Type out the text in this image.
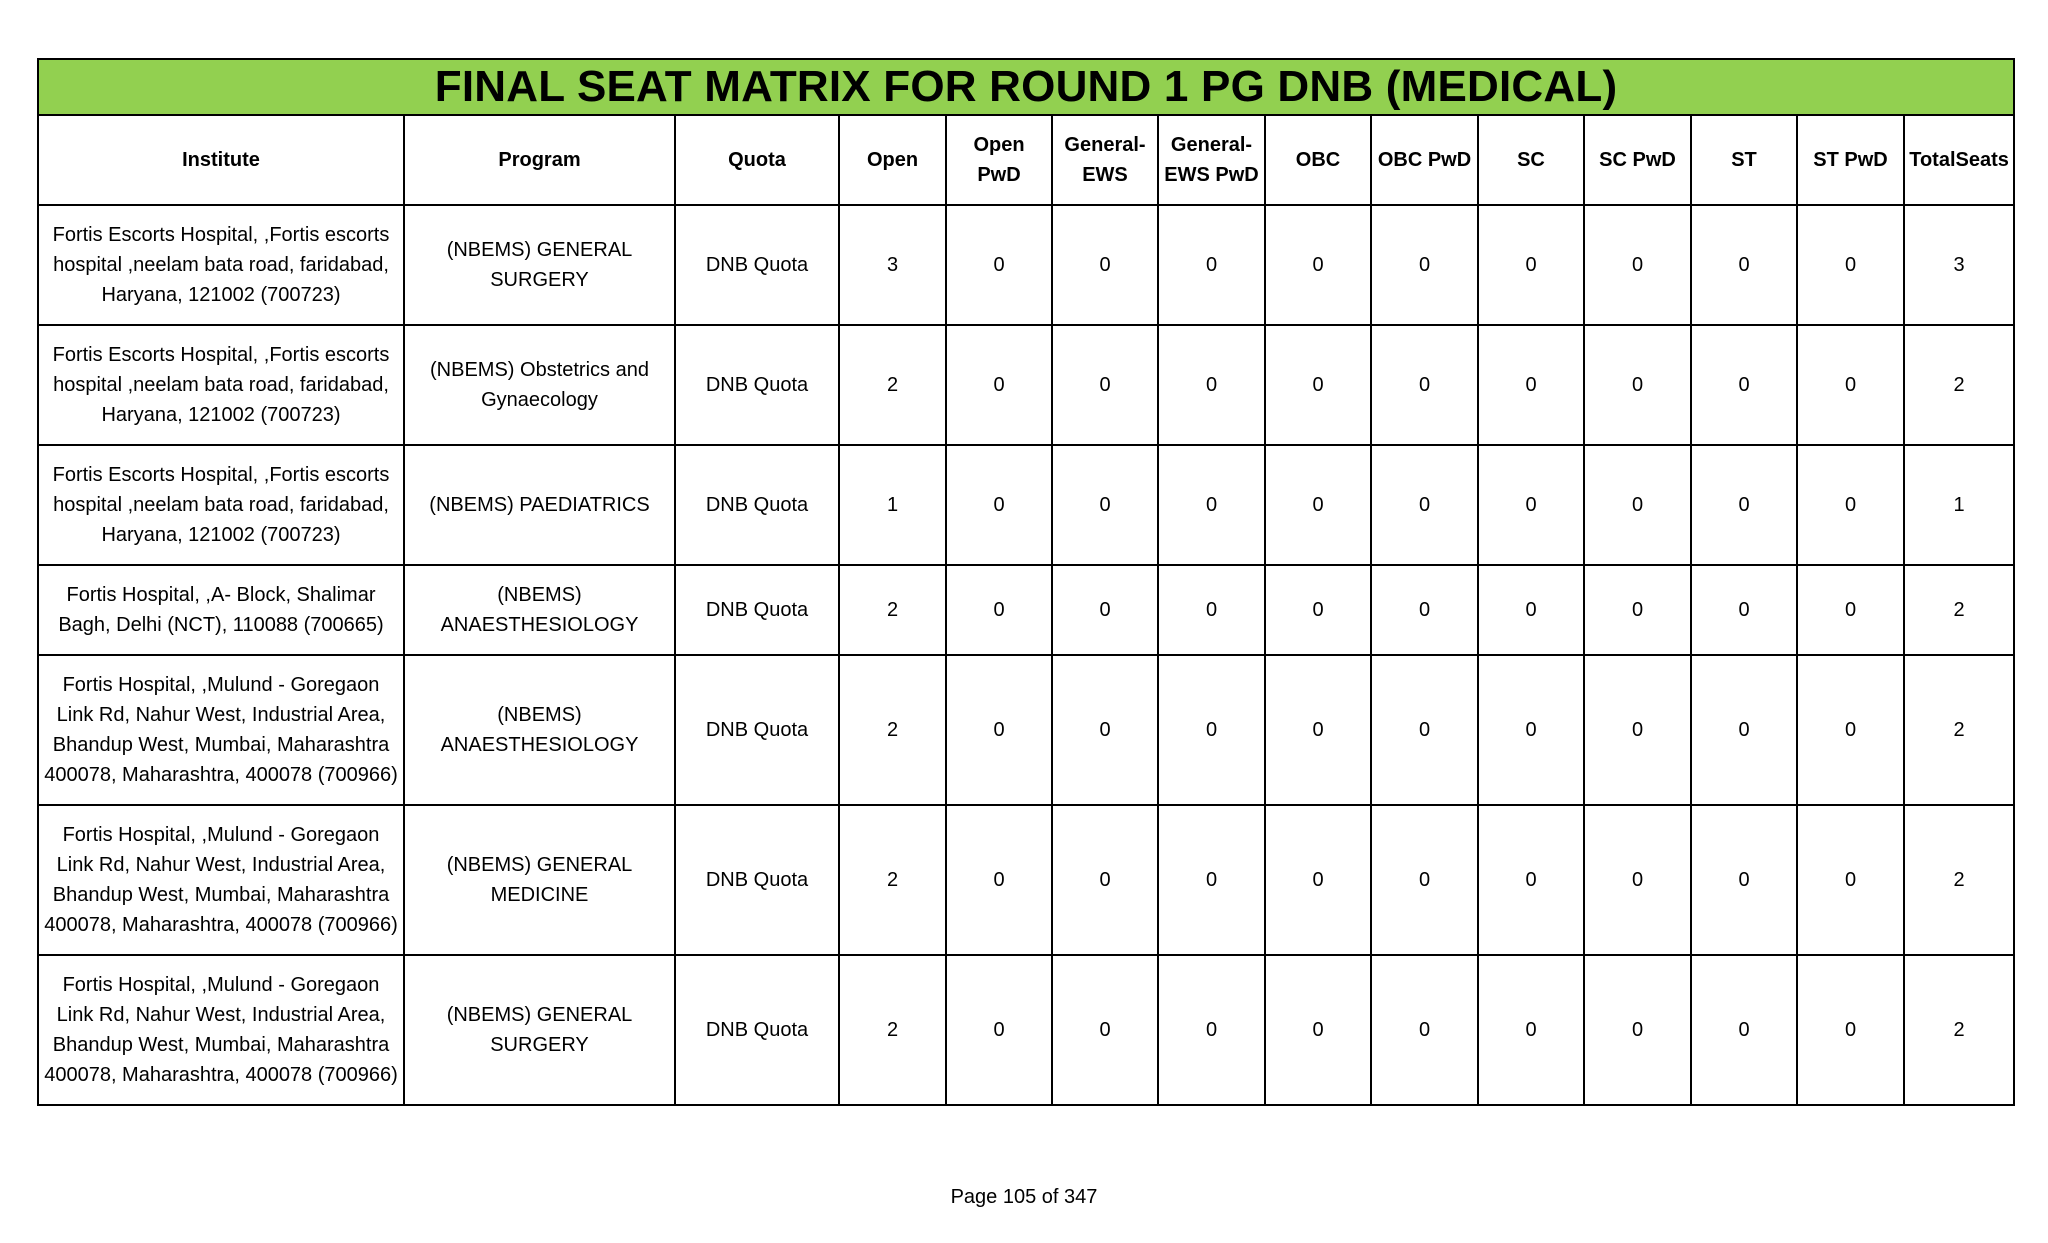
FINAL SEAT MATRIX FOR ROUND 1 PG DNB (MEDICAL)													
Institute	Program	Quota	Open	Open PwD	General-EWS	General-EWS PwD	OBC	OBC PwD	SC	SC PwD	ST	ST PwD	TotalSeats
Fortis Escorts Hospital, ,Fortis escorts hospital ,neelam bata road, faridabad, Haryana, 121002 (700723)	(NBEMS) GENERAL SURGERY	DNB Quota	3	0	0	0	0	0	0	0	0	0	3
Fortis Escorts Hospital, ,Fortis escorts hospital ,neelam bata road, faridabad, Haryana, 121002 (700723)	(NBEMS) Obstetrics and Gynaecology	DNB Quota	2	0	0	0	0	0	0	0	0	0	2
Fortis Escorts Hospital, ,Fortis escorts hospital ,neelam bata road, faridabad, Haryana, 121002 (700723)	(NBEMS) PAEDIATRICS	DNB Quota	1	0	0	0	0	0	0	0	0	0	1
Fortis Hospital, ,A- Block, Shalimar Bagh, Delhi (NCT), 110088 (700665)	(NBEMS) ANAESTHESIOLOGY	DNB Quota	2	0	0	0	0	0	0	0	0	0	2
Fortis Hospital, ,Mulund - Goregaon Link Rd, Nahur West, Industrial Area, Bhandup West, Mumbai, Maharashtra 400078, Maharashtra, 400078 (700966)	(NBEMS) ANAESTHESIOLOGY	DNB Quota	2	0	0	0	0	0	0	0	0	0	2
Fortis Hospital, ,Mulund - Goregaon Link Rd, Nahur West, Industrial Area, Bhandup West, Mumbai, Maharashtra 400078, Maharashtra, 400078 (700966)	(NBEMS) GENERAL MEDICINE	DNB Quota	2	0	0	0	0	0	0	0	0	0	2
Fortis Hospital, ,Mulund - Goregaon Link Rd, Nahur West, Industrial Area, Bhandup West, Mumbai, Maharashtra 400078, Maharashtra, 400078 (700966)	(NBEMS) GENERAL SURGERY	DNB Quota	2	0	0	0	0	0	0	0	0	0	2
Page 105 of 347
